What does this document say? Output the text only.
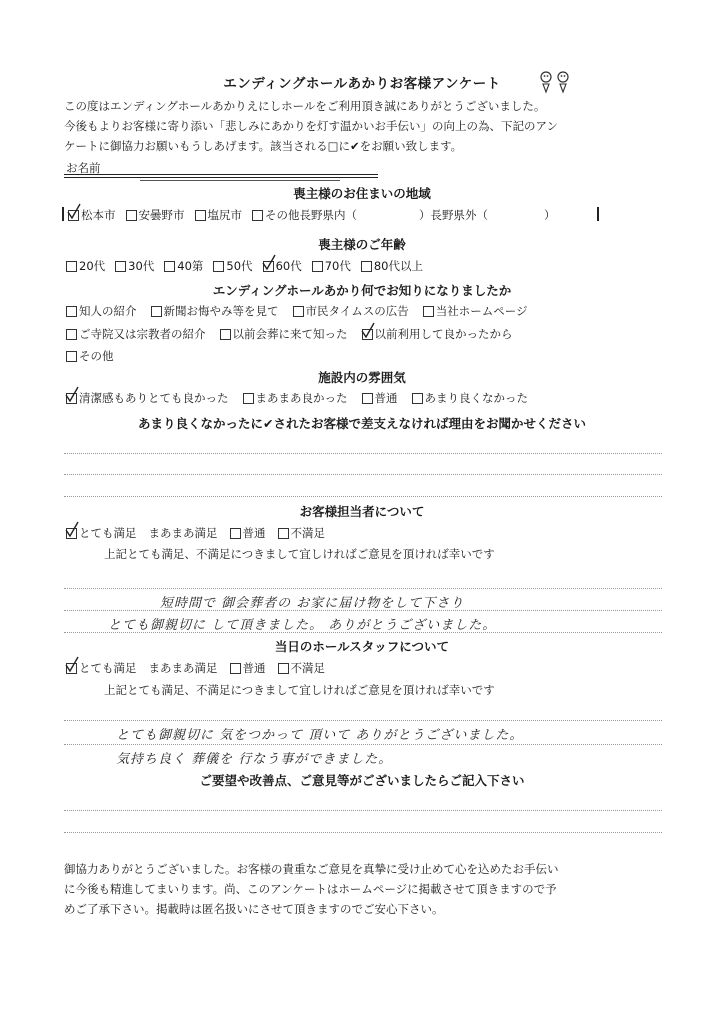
エンディングホールあかりお客様アンケート
この度はエンディングホールあかりえにしホールをご利用頂き誠にありがとうございました。
今後もよりお客様に寄り添い「悲しみにあかりを灯す温かいお手伝い」の向上の為、下記のアン
ケートに御協力お願いもうしあげます。該当される□に✔をお願い致します。
お名前
喪主様のお住まいの地域
松本市 安曇野市 塩尻市 その他長野県内（	）長野県外（	）
喪主様のご年齢
20代 30代 40第 50代 60代 70代 80代以上
エンディングホールあかり何でお知りになりましたか
知人の紹介 新聞お悔やみ等を見て 市民タイムスの広告 当社ホームページ
ご寺院又は宗教者の紹介 以前会葬に来て知った 以前利用して良かったから
その他
施設内の雰囲気
清潔感もありとても良かった まあまあ良かった 普通 あまり良くなかった
あまり良くなかったに✔されたお客様で差支えなければ理由をお聞かせください
お客様担当者について
とても満足 まあまあ満足 普通 不満足
上記とても満足、不満足につきまして宜しければご意見を頂ければ幸いです
短時間で 御会葬者の お家に届け物をして下さり
とても御親切に して頂きました。 ありがとうございました。
当日のホールスタッフについて
とても満足 まあまあ満足 普通 不満足
上記とても満足、不満足につきまして宜しければご意見を頂ければ幸いです
とても御親切に 気をつかって 頂いて ありがとうございました。
気持ち良く 葬儀を 行なう事ができました。
ご要望や改善点、ご意見等がございましたらご記入下さい
御協力ありがとうございました。お客様の貴重なご意見を真摯に受け止めて心を込めたお手伝い
に今後も精進してまいります。尚、このアンケートはホームページに掲載させて頂きますので予
めご了承下さい。掲載時は匿名扱いにさせて頂きますのでご安心下さい。
